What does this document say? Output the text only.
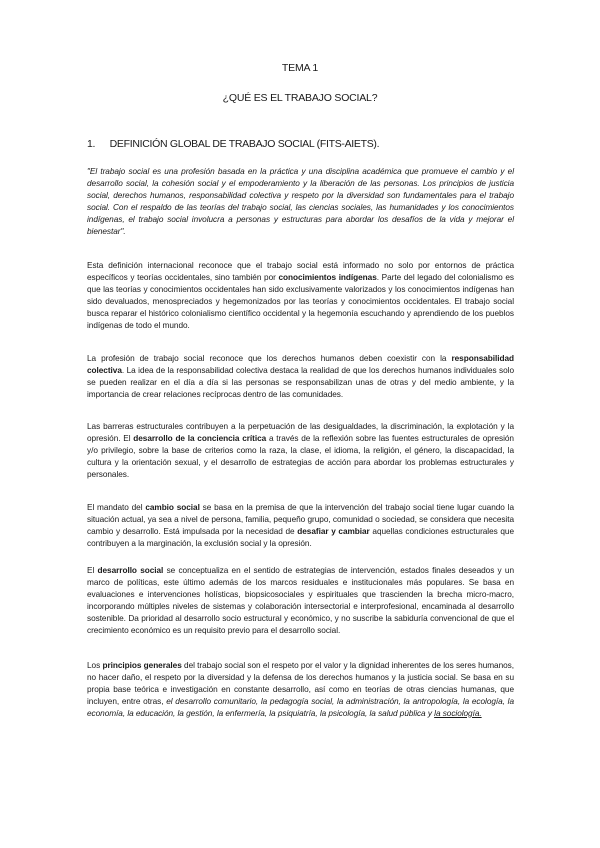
TEMA 1
¿QUÉ ES EL TRABAJO SOCIAL?
1. DEFINICIÓN GLOBAL DE TRABAJO SOCIAL (FITS-AIETS).

"El trabajo social es una profesión basada en la práctica y una disciplina académica que promueve el cambio y el desarrollo social, la cohesión social y el empoderamiento y la liberación de las personas. Los principios de justicia social, derechos humanos, responsabilidad colectiva y respeto por la diversidad son fundamentales para el trabajo social. Con el respaldo de las teorías del trabajo social, las ciencias sociales, las humanidades y los conocimientos indígenas, el trabajo social involucra a personas y estructuras para abordar los desafíos de la vida y mejorar el bienestar".

Esta definición internacional reconoce que el trabajo social está informado no solo por entornos de práctica específicos y teorías occidentales, sino también por conocimientos indígenas. Parte del legado del colonialismo es que las teorías y conocimientos occidentales han sido exclusivamente valorizados y los conocimientos indígenas han sido devaluados, menospreciados y hegemonizados por las teorías y conocimientos occidentales. El trabajo social busca reparar el histórico colonialismo científico occidental y la hegemonía escuchando y aprendiendo de los pueblos indígenas de todo el mundo.

La profesión de trabajo social reconoce que los derechos humanos deben coexistir con la responsabilidad colectiva. La idea de la responsabilidad colectiva destaca la realidad de que los derechos humanos individuales solo se pueden realizar en el día a día si las personas se responsabilizan unas de otras y del medio ambiente, y la importancia de crear relaciones recíprocas dentro de las comunidades.

Las barreras estructurales contribuyen a la perpetuación de las desigualdades, la discriminación, la explotación y la opresión. El desarrollo de la conciencia crítica a través de la reflexión sobre las fuentes estructurales de opresión y/o privilegio, sobre la base de criterios como la raza, la clase, el idioma, la religión, el género, la discapacidad, la cultura y la orientación sexual, y el desarrollo de estrategias de acción para abordar los problemas estructurales y personales.

El mandato del cambio social se basa en la premisa de que la intervención del trabajo social tiene lugar cuando la situación actual, ya sea a nivel de persona, familia, pequeño grupo, comunidad o sociedad, se considera que necesita cambio y desarrollo. Está impulsada por la necesidad de desafiar y cambiar aquellas condiciones estructurales que contribuyen a la marginación, la exclusión social y la opresión.

El desarrollo social se conceptualiza en el sentido de estrategias de intervención, estados finales deseados y un marco de políticas, este último además de los marcos residuales e institucionales más populares. Se basa en evaluaciones e intervenciones holísticas, biopsicosociales y espirituales que trascienden la brecha micro-macro, incorporando múltiples niveles de sistemas y colaboración intersectorial e interprofesional, encaminada al desarrollo sostenible. Da prioridad al desarrollo socio estructural y económico, y no suscribe la sabiduría convencional de que el crecimiento económico es un requisito previo para el desarrollo social.

Los principios generales del trabajo social son el respeto por el valor y la dignidad inherentes de los seres humanos, no hacer daño, el respeto por la diversidad y la defensa de los derechos humanos y la justicia social. Se basa en su propia base teórica e investigación en constante desarrollo, así como en teorías de otras ciencias humanas, que incluyen, entre otras, el desarrollo comunitario, la pedagogía social, la administración, la antropología, la ecología, la economía, la educación, la gestión, la enfermería, la psiquiatría, la psicología, la salud pública y la sociología.
